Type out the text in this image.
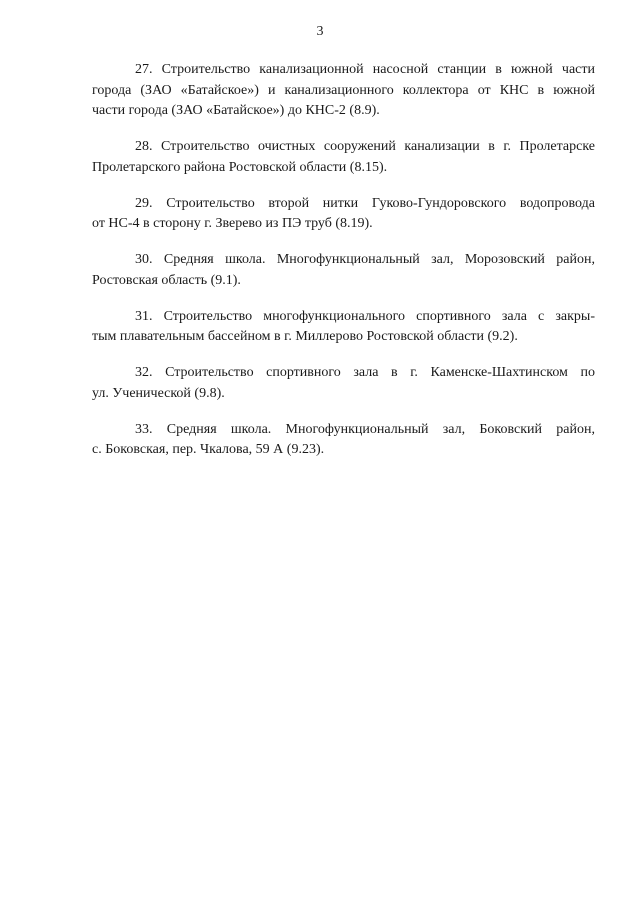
3
27. Строительство канализационной насосной станции в южной части
города (ЗАО «Батайское») и канализационного коллектора от КНС в южной
части города (ЗАО «Батайское») до КНС-2 (8.9).
28. Строительство очистных сооружений канализации в г. Пролетарске
Пролетарского района Ростовской области (8.15).
29. Строительство второй нитки Гуково-Гундоровского водопровода
от НС-4 в сторону г. Зверево из ПЭ труб (8.19).
30. Средняя школа. Многофункциональный зал, Морозовский район,
Ростовская область (9.1).
31. Строительство многофункционального спортивного зала с закры-
тым плавательным бассейном в г. Миллерово Ростовской области (9.2).
32. Строительство спортивного зала в г. Каменске-Шахтинском по
ул. Ученической (9.8).
33. Средняя школа. Многофункциональный зал, Боковский район,
с. Боковская, пер. Чкалова, 59 А (9.23).
